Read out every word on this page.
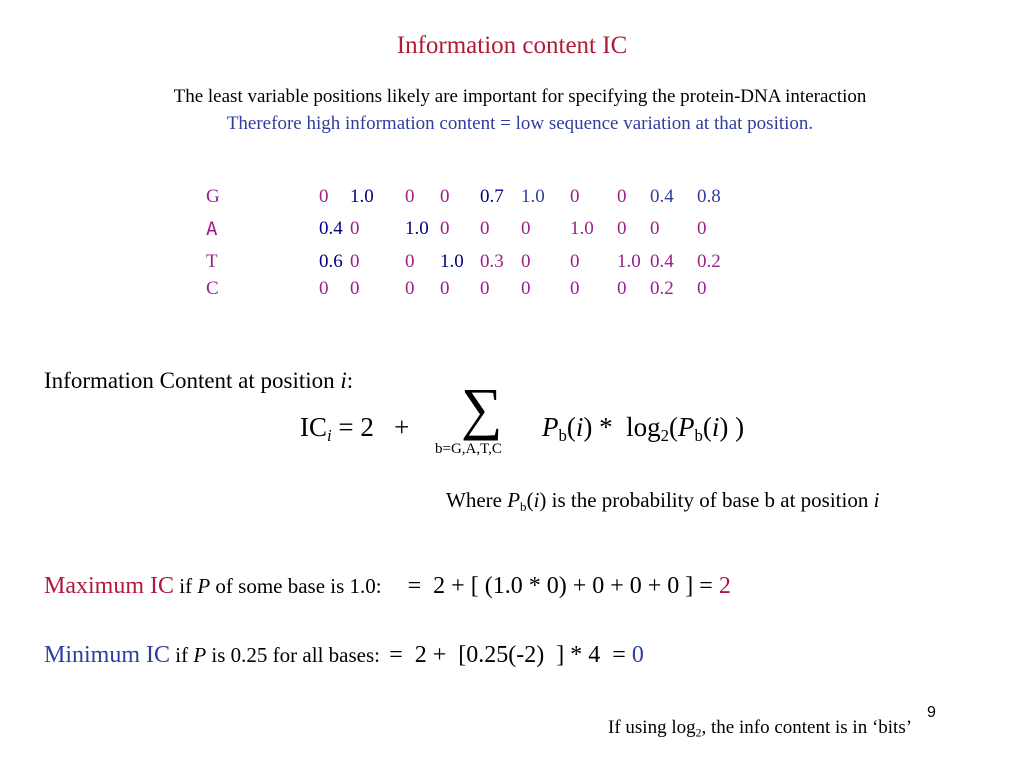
Information content IC
The least variable positions likely are important for specifying the protein-DNA interaction
Therefore high information content = low sequence variation at that position.
G	0 1.0 0 0 0.7 1.0 0 0 0.4 0.8
A	0.4 0 1.0 0 0 0 1.0 0 0 0
T	0.6 0 0 1.0 0.3 0 0 1.0 0.4 0.2
C	0 0 0 0 0 0 0 0 0.2 0
Information Content at position i:
$IC_i = 2$   + ∑
b=G,A,T,C
$P_b(i) * \log_2(P_b(i)$ )
Where $P_b(i)$ is the probability of base b at position i
Maximum IC if P of some base is 1.0: =  2 + [ (1.0 * 0) + 0 + 0 + 0 ] = 2
Minimum IC if P is 0.25 for all bases: =  2 +  [0.25(-2)  ] * 4  = 0
If using $\log_2$, the info content is in ‘bits’
9
